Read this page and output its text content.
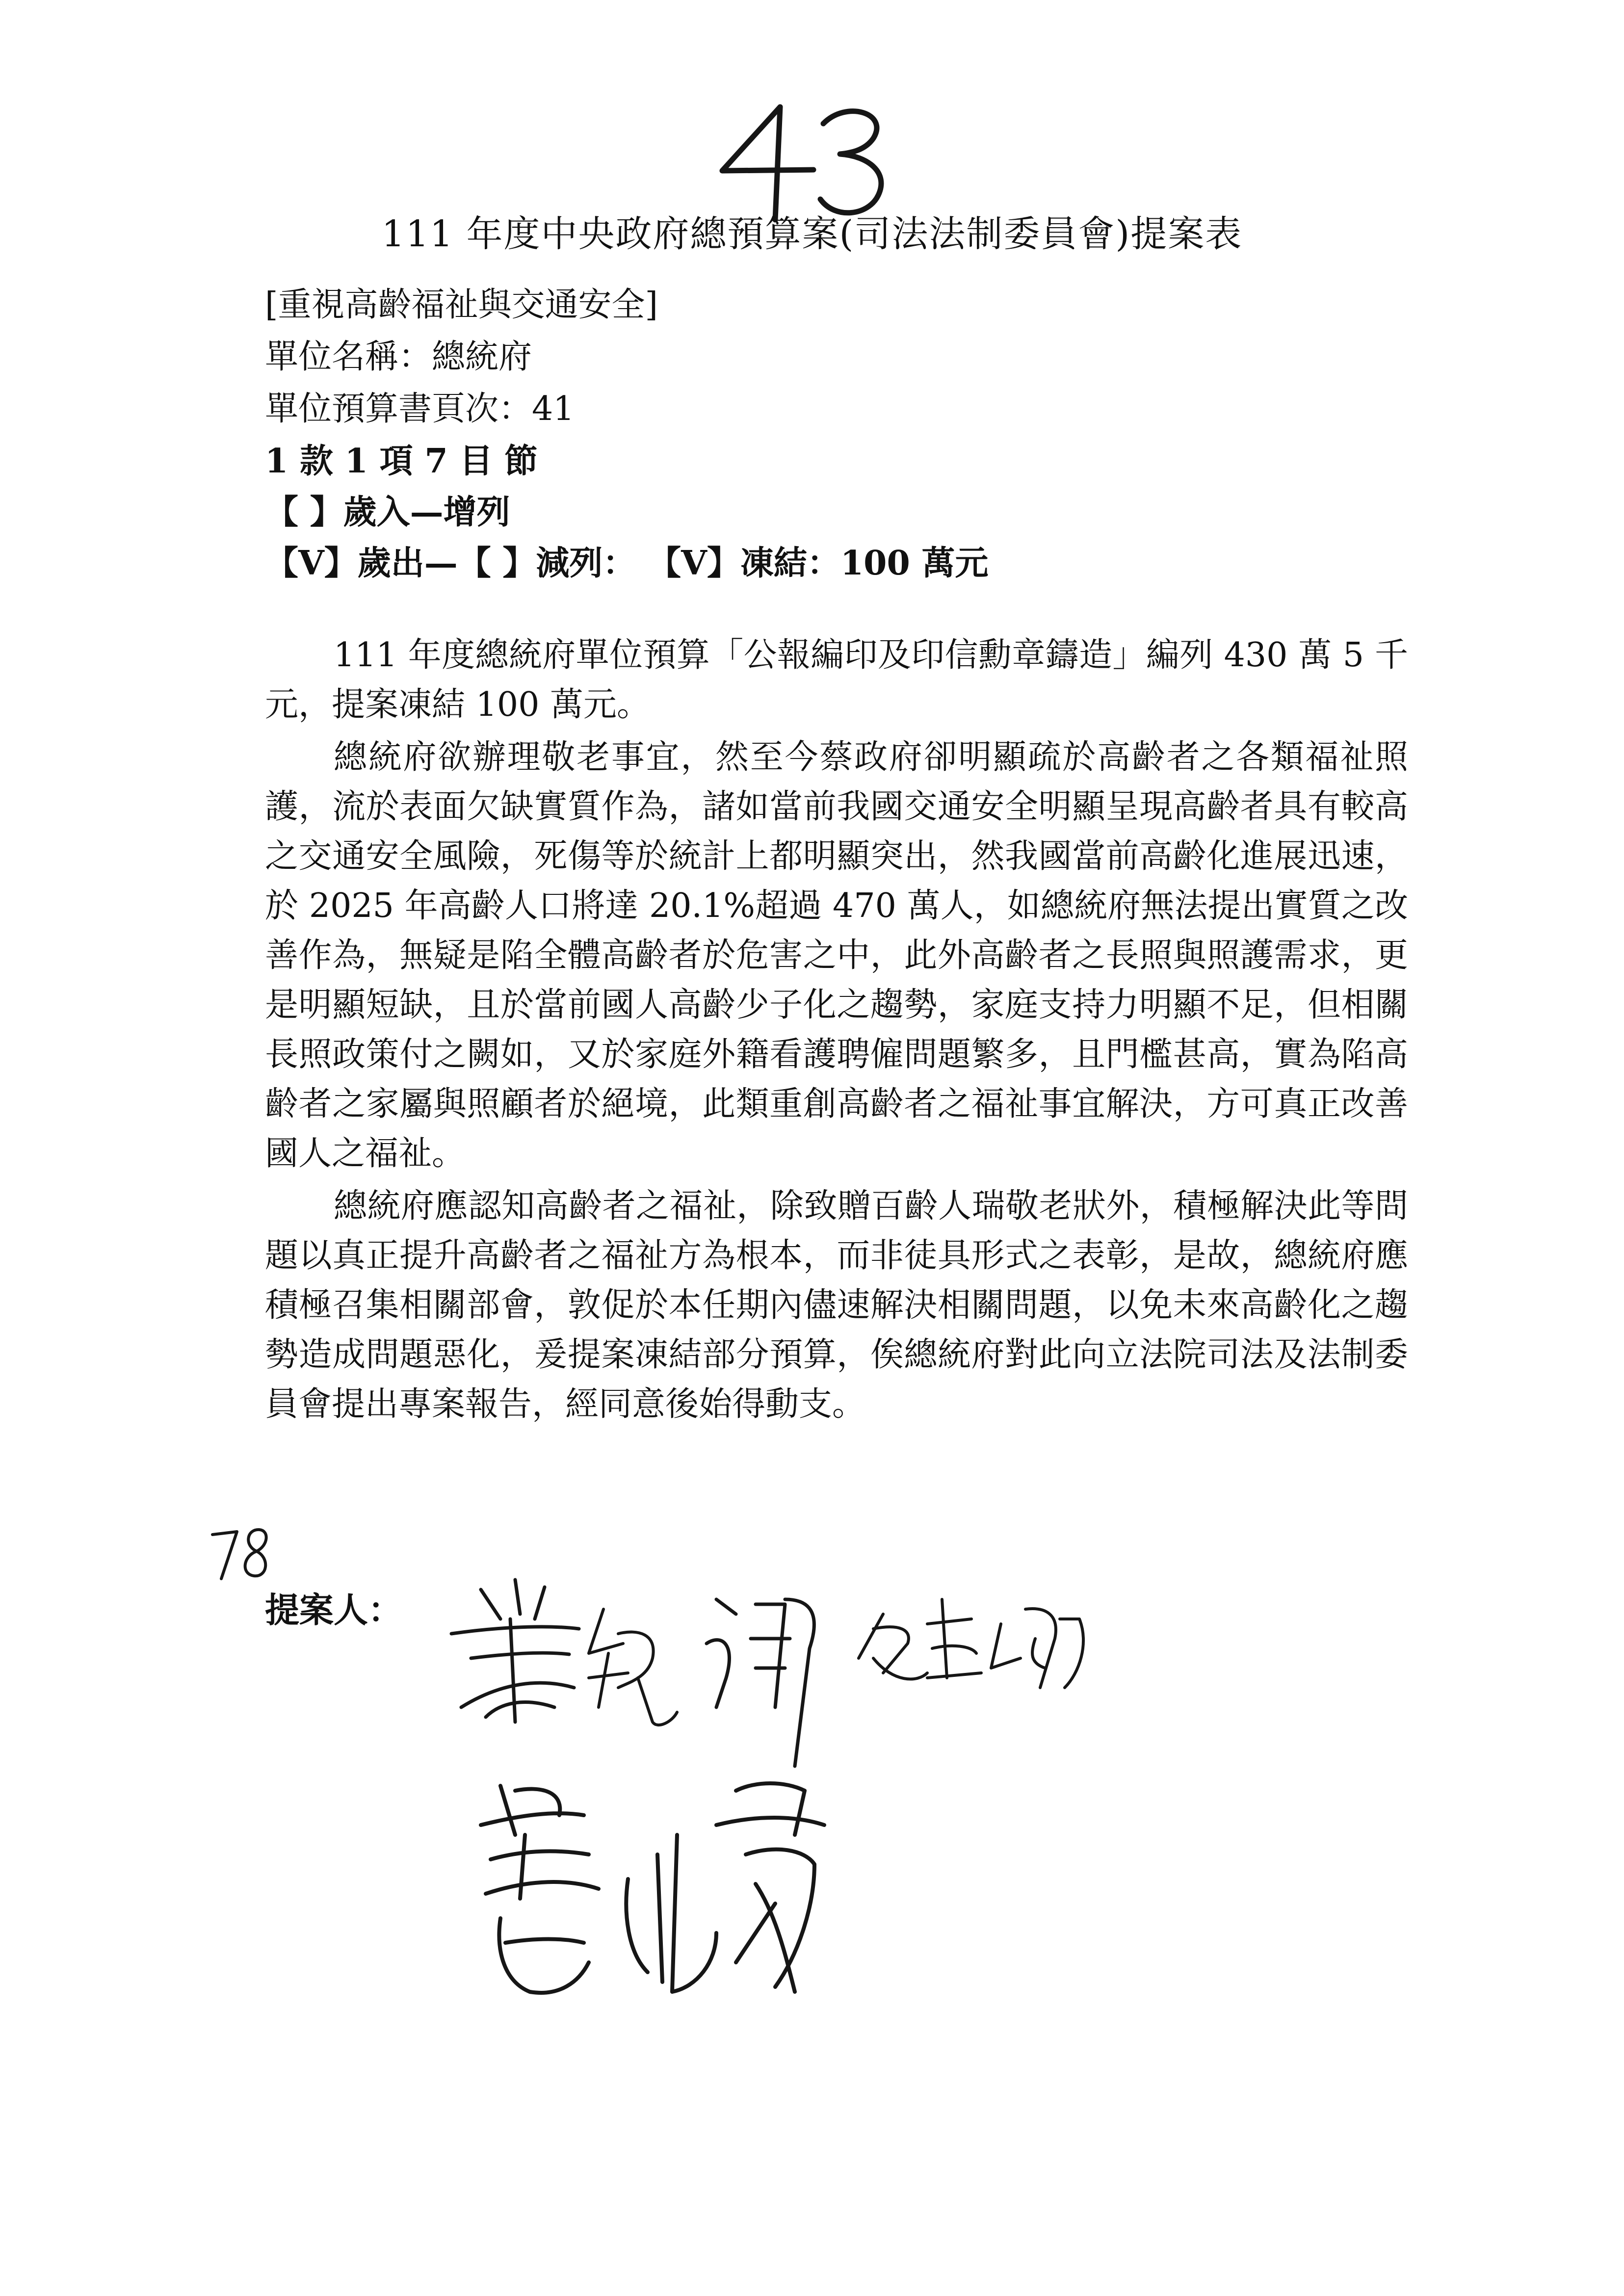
111 年度中央政府總預算案(司法法制委員會)提案表
[重視高齡福祉與交通安全]
單位名稱：總統府
單位預算書頁次：41
1 款 1 項 7 目 節
【 】歲入—增列
【V】歲出—【 】減列： 【V】凍結：100 萬元

111 年度總統府單位預算「公報編印及印信勳章鑄造」編列 430 萬 5 千元，提案凍結 100 萬元。

總統府欲辦理敬老事宜，然至今蔡政府卻明顯疏於高齡者之各類福祉照護，流於表面欠缺實質作為，諸如當前我國交通安全明顯呈現高齡者具有較高之交通安全風險，死傷等於統計上都明顯突出，然我國當前高齡化進展迅速，於 2025 年高齡人口將達 20.1%超過 470 萬人，如總統府無法提出實質之改善作為，無疑是陷全體高齡者於危害之中，此外高齡者之長照與照護需求，更是明顯短缺，且於當前國人高齡少子化之趨勢，家庭支持力明顯不足，但相關長照政策付之闕如，又於家庭外籍看護聘僱問題繁多，且門檻甚高，實為陷高齡者之家屬與照顧者於絕境，此類重創高齡者之福祉事宜解決，方可真正改善國人之福祉。

總統府應認知高齡者之福祉，除致贈百齡人瑞敬老狀外，積極解決此等問題以真正提升高齡者之福祉方為根本，而非徒具形式之表彰，是故，總統府應積極召集相關部會，敦促於本任期內儘速解決相關問題，以免未來高齡化之趨勢造成問題惡化，爰提案凍結部分預算，俟總統府對此向立法院司法及法制委員會提出專案報告，經同意後始得動支。

提案人：
